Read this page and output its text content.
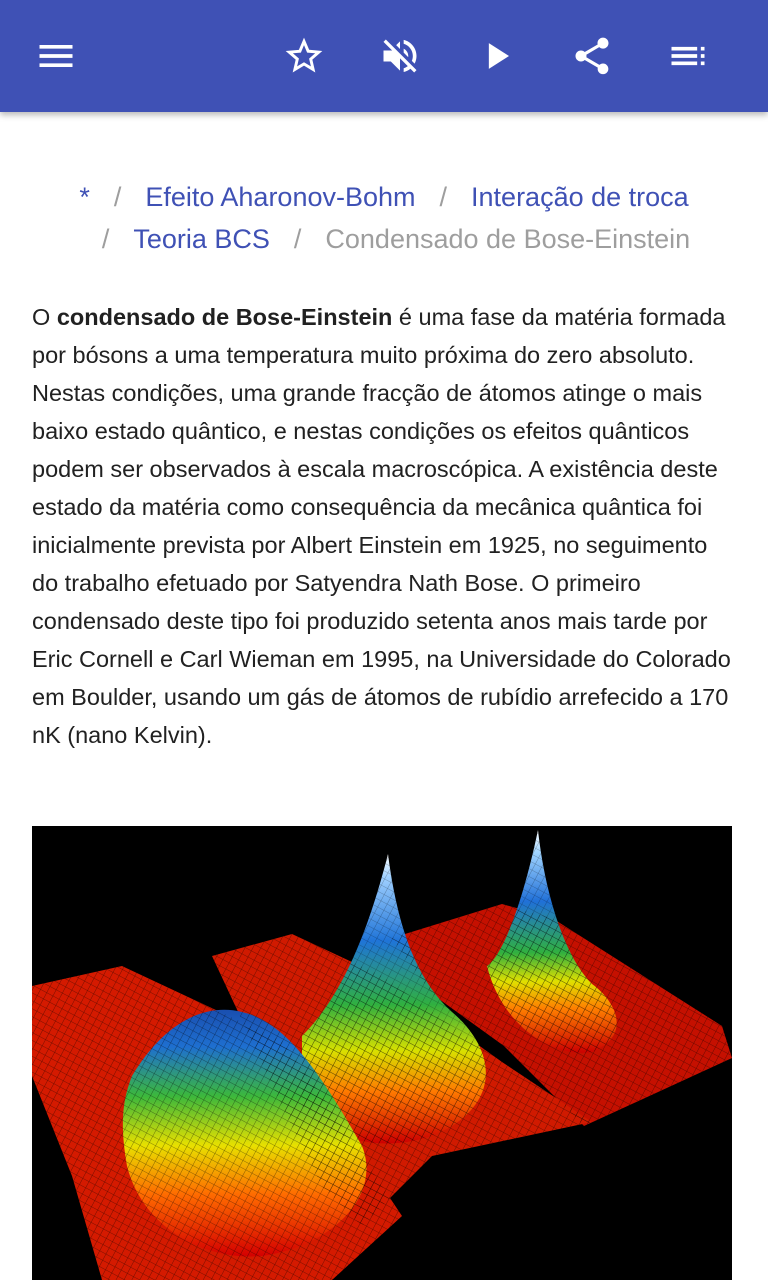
* / Efeito Aharonov-Bohm / Interação de troca
/ Teoria BCS / Condensado de Bose-Einstein

O condensado de Bose-Einstein é uma fase da matéria formada por bósons a uma temperatura muito próxima do zero absoluto. Nestas condições, uma grande fracção de átomos atinge o mais baixo estado quântico, e nestas condições os efeitos quânticos podem ser observados à escala macroscópica. A existência deste estado da matéria como consequência da mecânica quântica foi inicialmente prevista por Albert Einstein em 1925, no seguimento do trabalho efetuado por Satyendra Nath Bose. O primeiro condensado deste tipo foi produzido setenta anos mais tarde por Eric Cornell e Carl Wieman em 1995, na Universidade do Colorado em Boulder, usando um gás de átomos de rubídio arrefecido a 170 nK (nano Kelvin).
